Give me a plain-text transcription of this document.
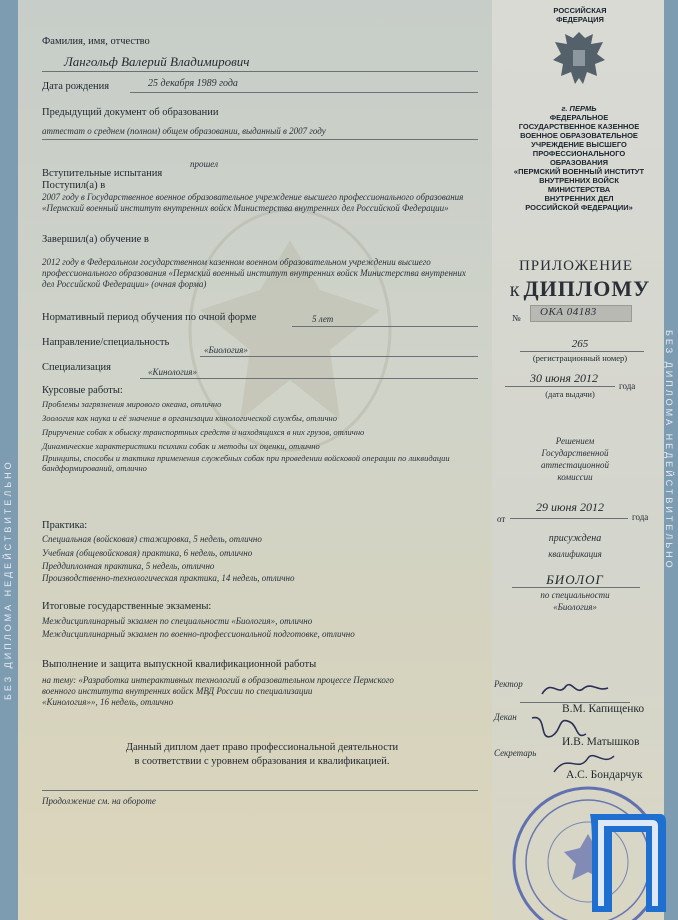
БЕЗ ДИПЛОМА НЕДЕЙСТВИТЕЛЬНО
БЕЗ ДИПЛОМА НЕДЕЙСТВИТЕЛЬНО
Фамилия, имя, отчество
Лангольф Валерий Владимирович
Дата рождения	25 декабря 1989 года
Предыдущий документ об образовании
аттестат о среднем (полном) общем образовании, выданный в 2007 году
Вступительные испытания
прошел
Поступил(а) в
2007 году в Государственное военное образовательное учреждение высшего профессионального образования «Пермский военный институт внутренних войск Министерства внутренних дел Российской Федерации»
Завершил(а) обучение в
2012 году в Федеральном государственном казенном военном образовательном учреждении высшего профессионального образования «Пермский военный институт внутренних войск Министерства внутренних дел Российской Федерации» (очная форма)
Нормативный период обучения по очной форме	5 лет
Направление/специальность
«Биология»
Специализация	«Кинология»
Курсовые работы:
Проблемы загрязнения мирового океана, отлично
Зоология как наука и её значение в организации кинологической службы, отлично
Приручение собак к обыску транспортных средств и находящихся в них грузов, отлично
Динамические характеристики психики собак и методы их оценки, отлично
Принципы, способы и тактика применения служебных собак при проведении войсковой операции по ликвидации
бандформирований, отлично
Практика:
Специальная (войсковая) стажировка, 5 недель, отлично
Учебная (общевойсковая) практика, 6 недель, отлично
Преддипломная практика, 5 недель, отлично
Производственно-технологическая практика, 14 недель, отлично
Итоговые государственные экзамены:
Междисциплинарный экзамен по специальности «Биология», отлично
Междисциплинарный экзамен по военно-профессиональной подготовке, отлично
Выполнение и защита выпускной квалификационной работы
на тему: «Разработка интерактивных технологий в образовательном процессе Пермского
военного института внутренних войск МВД России по специализации
«Кинология»», 16 недель, отлично
Данный диплом дает право профессиональной деятельности
в соответствии с уровнем образования и квалификацией.
Продолжение см. на обороте
РОССИЙСКАЯ
ФЕДЕРАЦИЯ
г. ПЕРМЬ
ФЕДЕРАЛЬНОЕ
ГОСУДАРСТВЕННОЕ КАЗЕННОЕ
ВОЕННОЕ ОБРАЗОВАТЕЛЬНОЕ
УЧРЕЖДЕНИЕ ВЫСШЕГО
ПРОФЕССИОНАЛЬНОГО
ОБРАЗОВАНИЯ
«ПЕРМСКИЙ ВОЕННЫЙ ИНСТИТУТ
ВНУТРЕННИХ ВОЙСК
МИНИСТЕРСТВА
ВНУТРЕННИХ ДЕЛ
РОССИЙСКОЙ ФЕДЕРАЦИИ»
ПРИЛОЖЕНИЕ
к ДИПЛОМУ
№ ОКА 04183
265
(регистрационный номер)
30 июня 2012
года
(дата выдачи)
Решением
Государственной
аттестационной
комиссии
от
29 июня 2012
года
присуждена
квалификация
БИОЛОГ
по специальности
«Биология»
Ректор
В.М. Капищенко
Декан
И.В. Матышков
Секретарь
А.С. Бондарчук
